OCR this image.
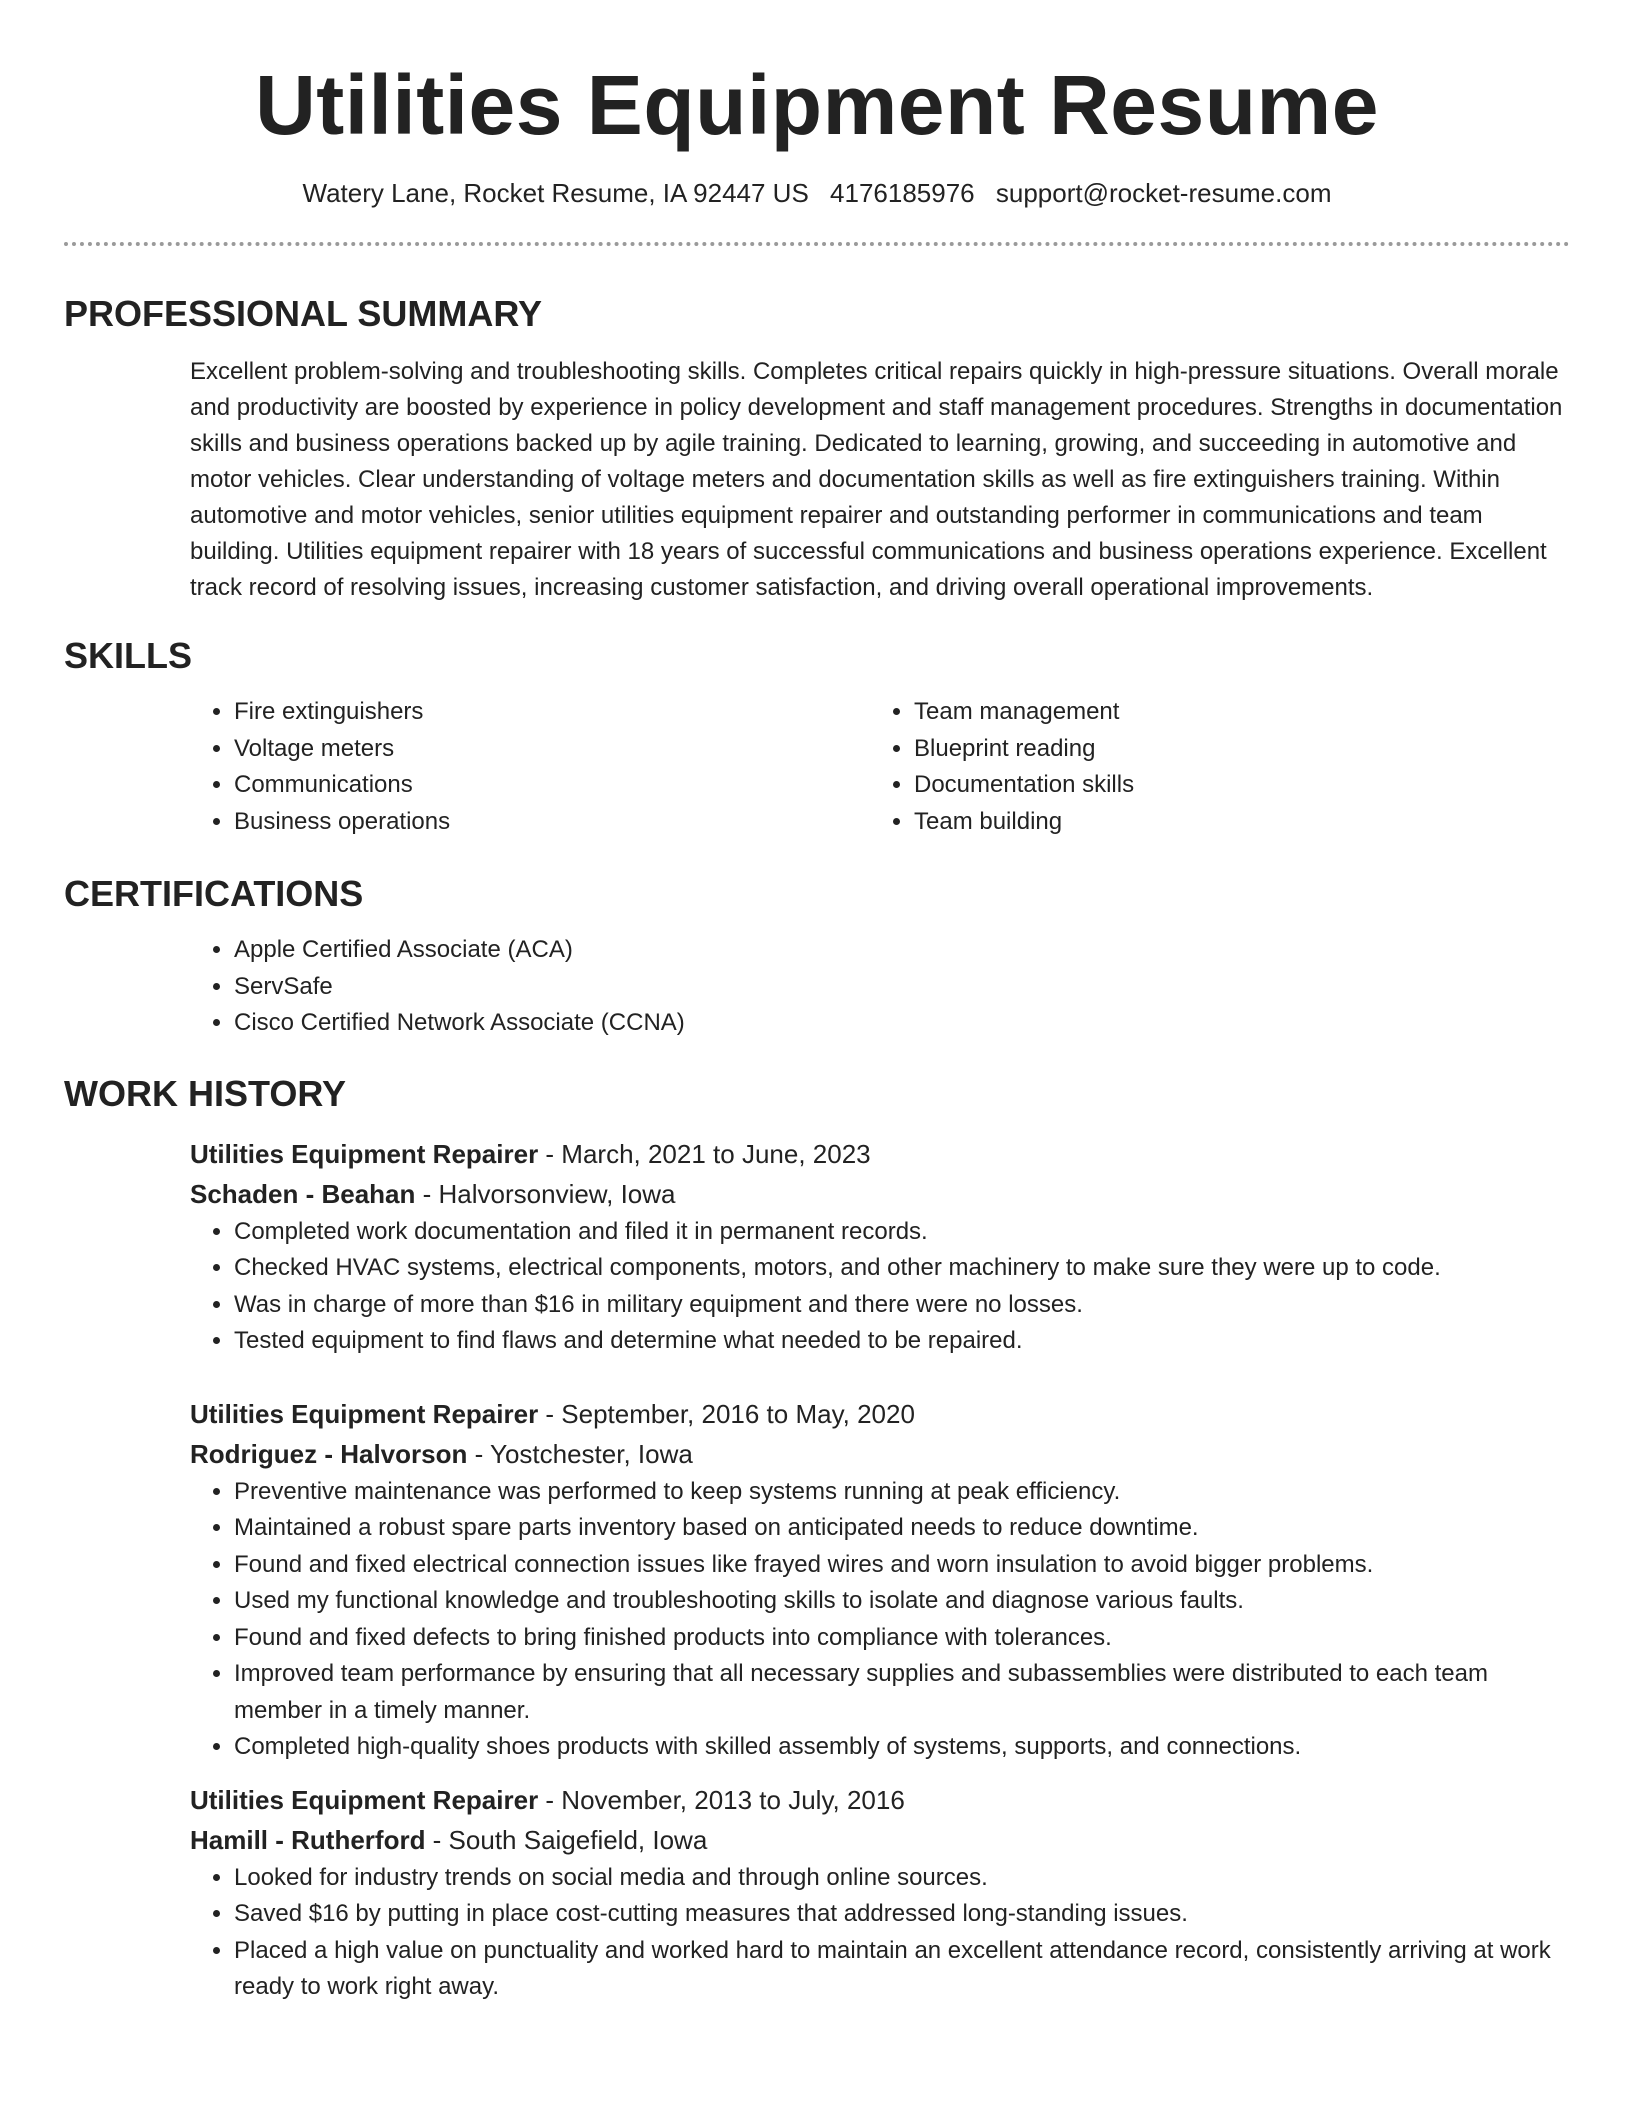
Utilities Equipment Resume
Watery Lane, Rocket Resume, IA 92447 US 4176185976 support@rocket-resume.com
PROFESSIONAL SUMMARY

Excellent problem-solving and troubleshooting skills. Completes critical repairs quickly in high-pressure situations. Overall morale and productivity are boosted by experience in policy development and staff management procedures. Strengths in documentation skills and business operations backed up by agile training. Dedicated to learning, growing, and succeeding in automotive and motor vehicles. Clear understanding of voltage meters and documentation skills as well as fire extinguishers training. Within automotive and motor vehicles, senior utilities equipment repairer and outstanding performer in communications and team building. Utilities equipment repairer with 18 years of successful communications and business operations experience. Excellent track record of resolving issues, increasing customer satisfaction, and driving overall operational improvements.

SKILLS
• Fire extinguishers
• Voltage meters
• Communications
• Business operations
• Team management
• Blueprint reading
• Documentation skills
• Team building
CERTIFICATIONS
• Apple Certified Associate (ACA)
• ServSafe
• Cisco Certified Network Associate (CCNA)
WORK HISTORY
Utilities Equipment Repairer - March, 2021 to June, 2023
Schaden - Beahan - Halvorsonview, Iowa
• Completed work documentation and filed it in permanent records.
• Checked HVAC systems, electrical components, motors, and other machinery to make sure they were up to code.
• Was in charge of more than $16 in military equipment and there were no losses.
• Tested equipment to find flaws and determine what needed to be repaired.
Utilities Equipment Repairer - September, 2016 to May, 2020
Rodriguez - Halvorson - Yostchester, Iowa
• Preventive maintenance was performed to keep systems running at peak efficiency.
• Maintained a robust spare parts inventory based on anticipated needs to reduce downtime.
• Found and fixed electrical connection issues like frayed wires and worn insulation to avoid bigger problems.
• Used my functional knowledge and troubleshooting skills to isolate and diagnose various faults.
• Found and fixed defects to bring finished products into compliance with tolerances.
• Improved team performance by ensuring that all necessary supplies and subassemblies were distributed to each team member in a timely manner.
• Completed high-quality shoes products with skilled assembly of systems, supports, and connections.
Utilities Equipment Repairer - November, 2013 to July, 2016
Hamill - Rutherford - South Saigefield, Iowa
• Looked for industry trends on social media and through online sources.
• Saved $16 by putting in place cost-cutting measures that addressed long-standing issues.
• Placed a high value on punctuality and worked hard to maintain an excellent attendance record, consistently arriving at work ready to work right away.
